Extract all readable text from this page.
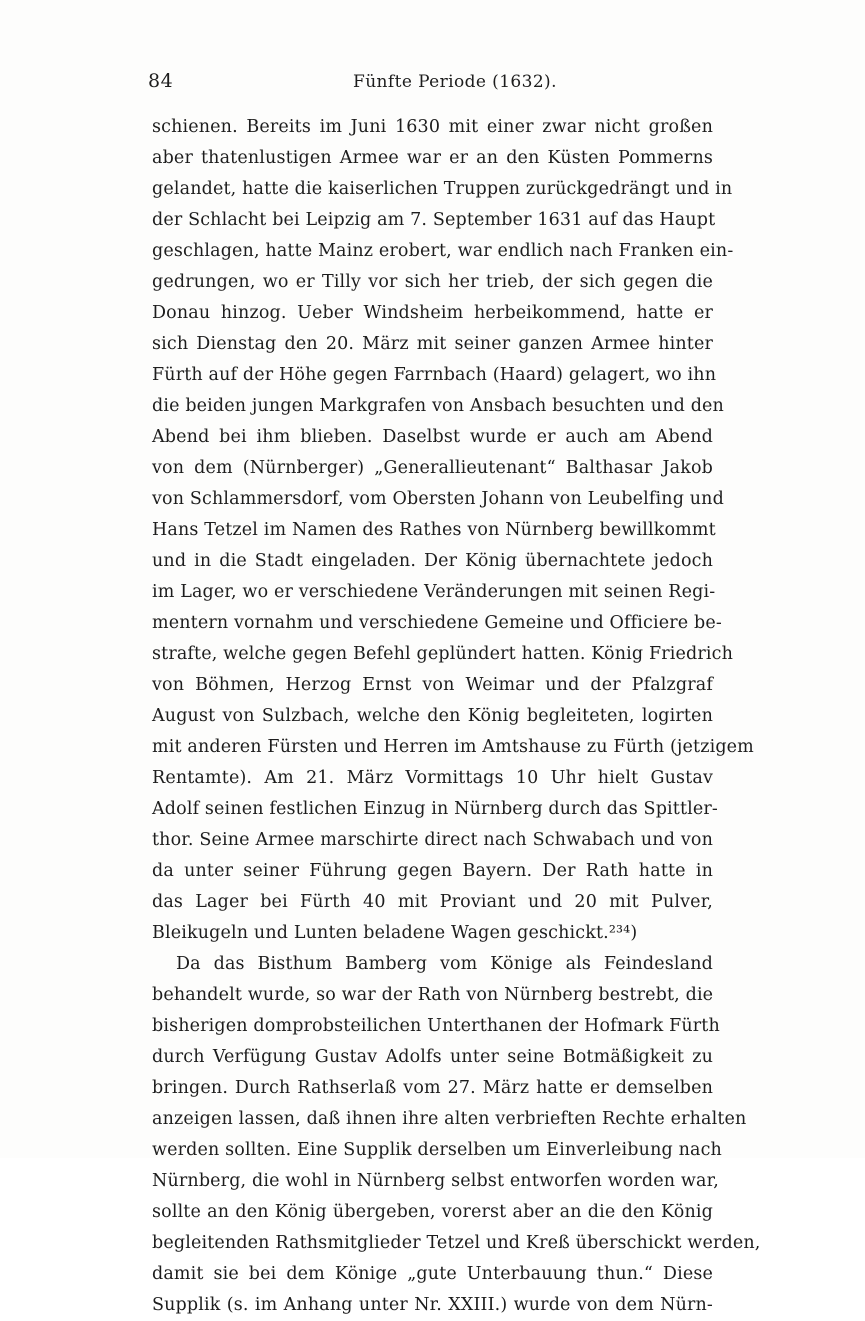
84	Fünfte Periode (1632).
schienen. Bereits im Juni 1630 mit einer zwar nicht großen
aber thatenlustigen Armee war er an den Küsten Pommerns
gelandet, hatte die kaiserlichen Truppen zurückgedrängt und in
der Schlacht bei Leipzig am 7. September 1631 auf das Haupt
geschlagen, hatte Mainz erobert, war endlich nach Franken ein-
gedrungen, wo er Tilly vor sich her trieb, der sich gegen die
Donau hinzog. Ueber Windsheim herbeikommend, hatte er
sich Dienstag den 20. März mit seiner ganzen Armee hinter
Fürth auf der Höhe gegen Farrnbach (Haard) gelagert, wo ihn
die beiden jungen Markgrafen von Ansbach besuchten und den
Abend bei ihm blieben. Daselbst wurde er auch am Abend
von dem (Nürnberger) „Generallieutenant“ Balthasar Jakob
von Schlammersdorf, vom Obersten Johann von Leubelfing und
Hans Tetzel im Namen des Rathes von Nürnberg bewillkommt
und in die Stadt eingeladen. Der König übernachtete jedoch
im Lager, wo er verschiedene Veränderungen mit seinen Regi-
mentern vornahm und verschiedene Gemeine und Officiere be-
strafte, welche gegen Befehl geplündert hatten. König Friedrich
von Böhmen, Herzog Ernst von Weimar und der Pfalzgraf
August von Sulzbach, welche den König begleiteten, logirten
mit anderen Fürsten und Herren im Amtshause zu Fürth (jetzigem
Rentamte). Am 21. März Vormittags 10 Uhr hielt Gustav
Adolf seinen festlichen Einzug in Nürnberg durch das Spittler-
thor. Seine Armee marschirte direct nach Schwabach und von
da unter seiner Führung gegen Bayern. Der Rath hatte in
das Lager bei Fürth 40 mit Proviant und 20 mit Pulver,
Bleikugeln und Lunten beladene Wagen geschickt.²³⁴)
Da das Bisthum Bamberg vom Könige als Feindesland
behandelt wurde, so war der Rath von Nürnberg bestrebt, die
bisherigen domprobsteilichen Unterthanen der Hofmark Fürth
durch Verfügung Gustav Adolfs unter seine Botmäßigkeit zu
bringen. Durch Rathserlaß vom 27. März hatte er demselben
anzeigen lassen, daß ihnen ihre alten verbrieften Rechte erhalten
werden sollten. Eine Supplik derselben um Einverleibung nach
Nürnberg, die wohl in Nürnberg selbst entworfen worden war,
sollte an den König übergeben, vorerst aber an die den König
begleitenden Rathsmitglieder Tetzel und Kreß überschickt werden,
damit sie bei dem Könige „gute Unterbauung thun.“ Diese
Supplik (s. im Anhang unter Nr. XXIII.) wurde von dem Nürn-
